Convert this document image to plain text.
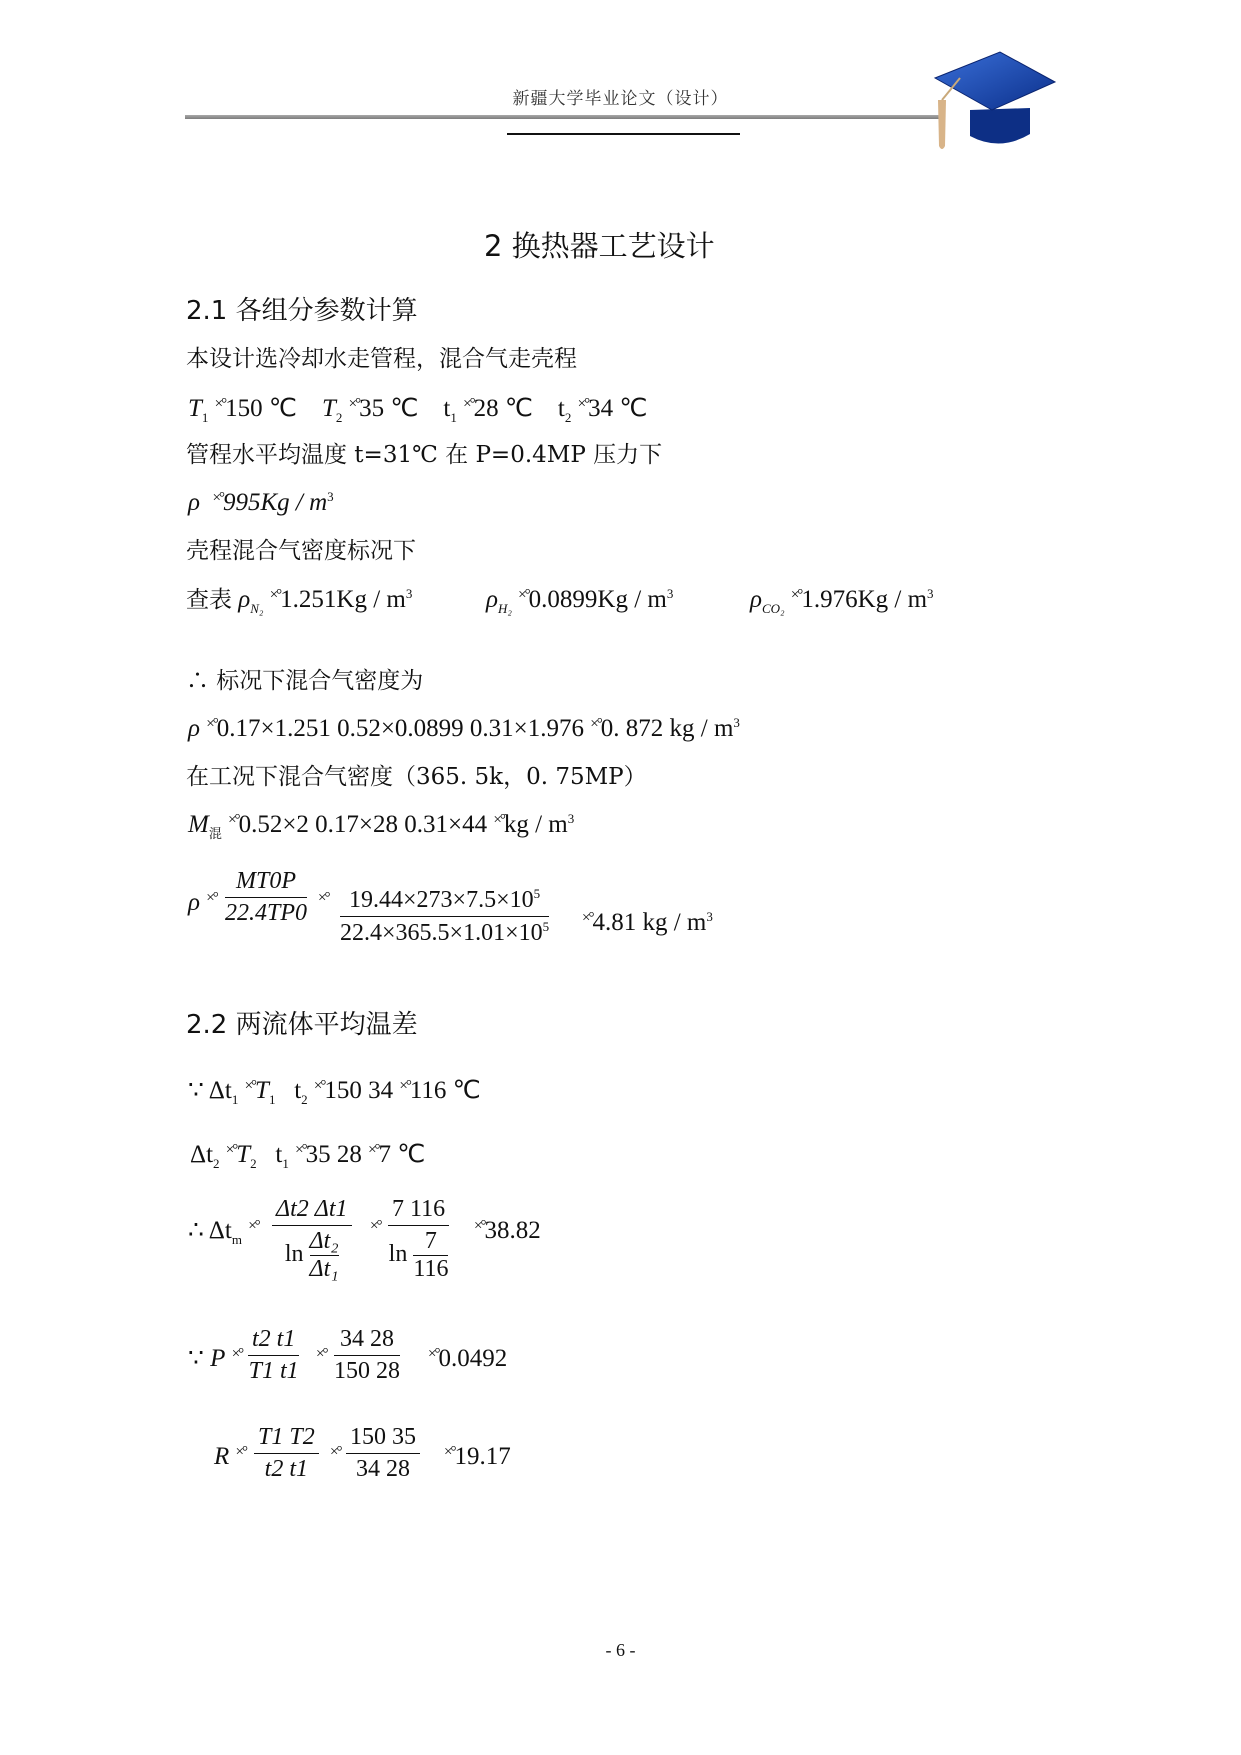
新疆大学毕业论文（设计）
2 换热器工艺设计
2.1 各组分参数计算
本设计选冷却水走管程，混合气走壳程
$T_1$ ×°150 ℃ $T_2$ ×°35 ℃    $t_1$ ×°28 ℃    $t_2$ ×°34 ℃
管程水平均温度 t=31℃ 在 P=0.4MP 压力下
ρ $^{\times^\circ}995Kg / m^3$
壳程混合气密度标况下
查表 $\rho_{N_2}$ $^{\times^\circ}1.251Kg / m^3$	$\rho_{H_2}$ $^{\times^\circ}0.0899Kg / m^3$	$\rho_{CO_2}$ $^{\times^\circ}1.976Kg / m^3$
∴ 标况下混合气密度为
ρ ×°0.17×1.251 0.52×0.0899 0.31×1.976 ×°0. 872 kg / $m^3$
在工况下混合气密度（365. 5k，0. 75MP）
$M_混$ ×°0.52×2 0.17×28 0.31×44 $^{\times^\circ}kg / m^3$
ρ ×°
MT0P
22.4TP0
×° $19.44\times 273\times 7.5\times 10^5$
$22.4\times 365.5\times 1.01\times 10^5$
×°4.81 kg / $m^3$
2.2 两流体平均温差
∵ $\Delta t_1$ $^{\times^\circ}T_1$   $t_2$ ×°150 34 ×°116 ℃
$\Delta t_2$ $^{\times^\circ}T_2$   $t_1$ ×°35 28 ×°7 ℃
∴ $\Delta t_m$ ×°
Δt2 Δt1
$\ln \frac{\text{Δt₂}}{\text{Δt₁}}$
×°
7 116
$\ln \frac{7}{116}$
×°38.82
∵ P ×°
t2 t1
T1 t1
×°
34 28
150 28
×°0.0492
R ×°
T1 T2
t2 t1
×°
150 35
34 28
×°19.17
- 6 -
